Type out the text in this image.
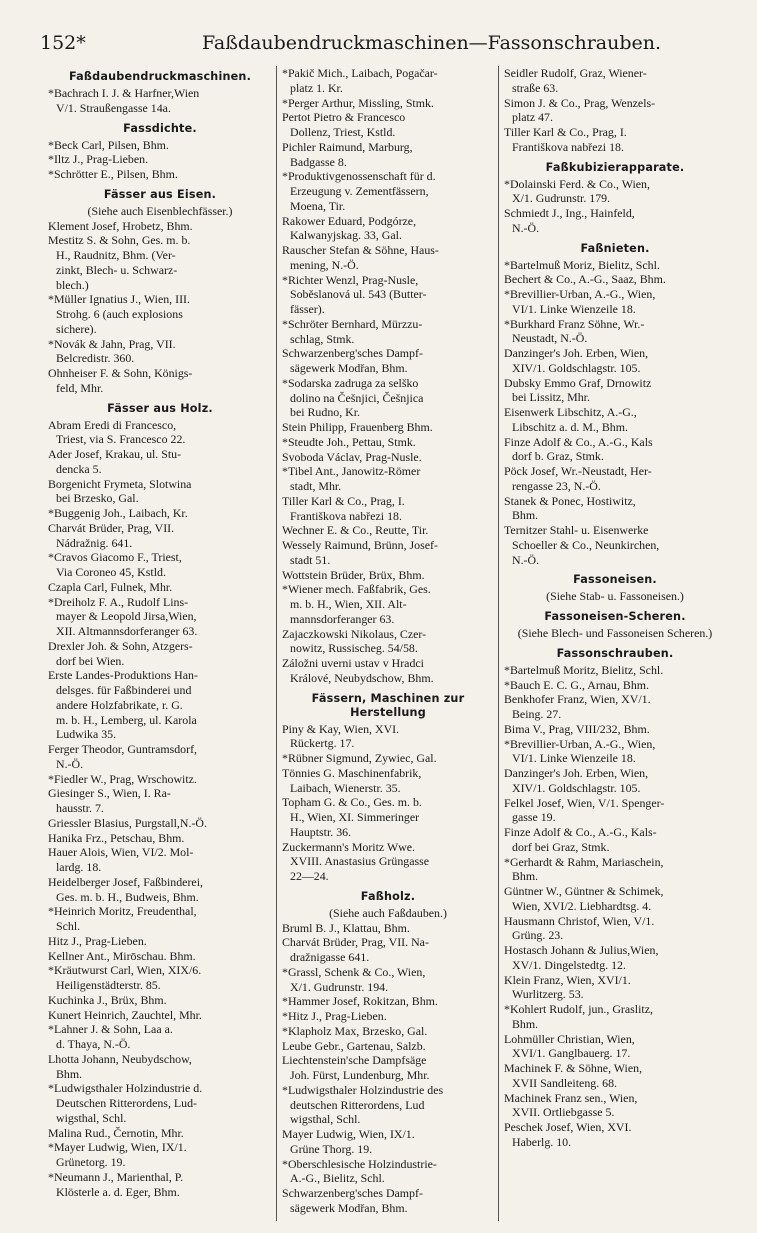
152*	Faßdaubendruckmaschinen—Fassonschrauben.
Faßdaubendruckmaschinen.
*Bachrach I. J. & Harfner,Wien
V/1. Straußengasse 14a.
Fassdichte.
*Beck Carl, Pilsen, Bhm.
*Iltz J., Prag-Lieben.
*Schrötter E., Pilsen, Bhm.
Fässer aus Eisen.
(Siehe auch Eisenblechfässer.)
Klement Josef, Hrobetz, Bhm.
Mestitz S. & Sohn, Ges. m. b.
H., Raudnitz, Bhm. (Ver-
zinkt, Blech- u. Schwarz-
blech.)
*Müller Ignatius J., Wien, III.
Strohg. 6 (auch explosions
sichere).
*Novák & Jahn, Prag, VII.
Belcredistr. 360.
Ohnheiser F. & Sohn, Königs-
feld, Mhr.
Fässer aus Holz.
Abram Eredi di Francesco,
Triest, via S. Francesco 22.
Ader Josef, Krakau, ul. Stu-
dencka 5.
Borgenicht Frymeta, Slotwina
bei Brzesko, Gal.
*Buggenig Joh., Laibach, Kr.
Charvát Brüder, Prag, VII.
Nádražnig. 641.
*Cravos Giacomo F., Triest,
Via Coroneo 45, Kstld.
Czapla Carl, Fulnek, Mhr.
*Dreiholz F. A., Rudolf Lins-
mayer & Leopold Jirsa,Wien,
XII. Altmannsdorferanger 63.
Drexler Joh. & Sohn, Atzgers-
dorf bei Wien.
Erste Landes-Produktions Han-
delsges. für Faßbinderei und
andere Holzfabrikate, r. G.
m. b. H., Lemberg, ul. Karola
Ludwika 35.
Ferger Theodor, Guntramsdorf,
N.-Ö.
*Fiedler W., Prag, Wrschowitz.
Giesinger S., Wien, I. Ra-
hausstr. 7.
Griessler Blasius, Purgstall,N.-Ö.
Hanika Frz., Petschau, Bhm.
Hauer Alois, Wien, VI/2. Mol-
lardg. 18.
Heidelberger Josef, Faßbinderei,
Ges. m. b. H., Budweis, Bhm.
*Heinrich Moritz, Freudenthal,
Schl.
Hitz J., Prag-Lieben.
Kellner Ant., Mirōschau. Bhm.
*Kräutwurst Carl, Wien, XIX/6.
Heiligenstädterstr. 85.
Kuchinka J., Brüx, Bhm.
Kunert Heinrich, Zauchtel, Mhr.
*Lahner J. & Sohn, Laa a.
d. Thaya, N.-Ö.
Lhotta Johann, Neubydschow,
Bhm.
*Ludwigsthaler Holzindustrie d.
Deutschen Ritterordens, Lud-
wigsthal, Schl.
Malina Rud., Černotin, Mhr.
*Mayer Ludwig, Wien, IX/1.
Grünetorg. 19.
*Neumann J., Marienthal, P.
Klösterle a. d. Eger, Bhm.
*Pakič Mich., Laibach, Pogačar-
platz 1. Kr.
*Perger Arthur, Missling, Stmk.
Pertot Pietro & Francesco
Dollenz, Triest, Kstld.
Pichler Raimund, Marburg,
Badgasse 8.
*Produktivgenossenschaft für d.
Erzeugung v. Zementfässern,
Moena, Tir.
Rakower Eduard, Podgórze,
Kalwanyjskag. 33, Gal.
Rauscher Stefan & Söhne, Haus-
mening, N.-Ö.
*Richter Wenzl, Prag-Nusle,
Soběslanová ul. 543 (Butter-
fässer).
*Schröter Bernhard, Mürzzu-
schlag, Stmk.
Schwarzenberg'sches Dampf-
sägewerk Modřan, Bhm.
*Sodarska zadruga za selško
dolino na Češnjici, Češnjica
bei Rudno, Kr.
Stein Philipp, Frauenberg Bhm.
*Steudte Joh., Pettau, Stmk.
Svoboda Václav, Prag-Nusle.
*Tibel Ant., Janowitz-Römer
stadt, Mhr.
Tiller Karl & Co., Prag, I.
Františkova nabřezi 18.
Wechner E. & Co., Reutte, Tir.
Wessely Raimund, Brünn, Josef-
stadt 51.
Wottstein Brüder, Brüx, Bhm.
*Wiener mech. Faßfabrik, Ges.
m. b. H., Wien, XII. Alt-
mannsdorferanger 63.
Zajaczkowski Nikolaus, Czer-
nowitz, Russischeg. 54/58.
Záložni uverni ustav v Hradci
Králové, Neubydschow, Bhm.
Fässern, Maschinen zur Herstellung
Piny & Kay, Wien, XVI.
Rückertg. 17.
*Rübner Sigmund, Zywiec, Gal.
Tönnies G. Maschinenfabrik,
Laibach, Wienerstr. 35.
Topham G. & Co., Ges. m. b.
H., Wien, XI. Simmeringer
Hauptstr. 36.
Zuckermann's Moritz Wwe.
XVIII. Anastasius Grüngasse
22—24.
Faßholz.
(Siehe auch Faßdauben.)
Bruml B. J., Klattau, Bhm.
Charvát Brüder, Prag, VII. Na-
dražnigasse 641.
*Grassl, Schenk & Co., Wien,
X/1. Gudrunstr. 194.
*Hammer Josef, Rokitzan, Bhm.
*Hitz J., Prag-Lieben.
*Klapholz Max, Brzesko, Gal.
Leube Gebr., Gartenau, Salzb.
Liechtenstein'sche Dampfsäge
Joh. Fürst, Lundenburg, Mhr.
*Ludwigsthaler Holzindustrie des
deutschen Ritterordens, Lud
wigsthal, Schl.
Mayer Ludwig, Wien, IX/1.
Grüne Thorg. 19.
*Oberschlesische Holzindustrie-
A.-G., Bielitz, Schl.
Schwarzenberg'sches Dampf-
sägewerk Modřan, Bhm.
Seidler Rudolf, Graz, Wiener-
straße 63.
Simon J. & Co., Prag, Wenzels-
platz 47.
Tiller Karl & Co., Prag, I.
Františkova nabřezi 18.
Faßkubizierapparate.
*Dolainski Ferd. & Co., Wien,
X/1. Gudrunstr. 179.
Schmiedt J., Ing., Hainfeld,
N.-Ö.
Faßnieten.
*Bartelmuß Moriz, Bielitz, Schl.
Bechert & Co., A.-G., Saaz, Bhm.
*Brevillier-Urban, A.-G., Wien,
VI/1. Linke Wienzeile 18.
*Burkhard Franz Söhne, Wr.-
Neustadt, N.-Ö.
Danzinger's Joh. Erben, Wien,
XIV/1. Goldschlagstr. 105.
Dubsky Emmo Graf, Drnowitz
bei Lissitz, Mhr.
Eisenwerk Libschitz, A.-G.,
Libschitz a. d. M., Bhm.
Finze Adolf & Co., A.-G., Kals
dorf b. Graz, Stmk.
Pöck Josef, Wr.-Neustadt, Her-
rengasse 23, N.-Ö.
Stanek & Ponec, Hostiwitz,
Bhm.
Ternitzer Stahl- u. Eisenwerke
Schoeller & Co., Neunkirchen,
N.-Ö.
Fassoneisen.
(Siehe Stab- u. Fassoneisen.)
Fassoneisen-Scheren.
(Siehe Blech- und Fassoneisen Scheren.)
Fassonschrauben.
*Bartelmuß Moritz, Bielitz, Schl.
*Bauch E. C. G., Arnau, Bhm.
Benkhofer Franz, Wien, XV/1.
Being. 27.
Bima V., Prag, VIII/232, Bhm.
*Brevillier-Urban, A.-G., Wien,
VI/1. Linke Wienzeile 18.
Danzinger's Joh. Erben, Wien,
XIV/1. Goldschlagstr. 105.
Felkel Josef, Wien, V/1. Spenger-
gasse 19.
Finze Adolf & Co., A.-G., Kals-
dorf bei Graz, Stmk.
*Gerhardt & Rahm, Mariaschein,
Bhm.
Güntner W., Güntner & Schimek,
Wien, XVI/2. Liebhardtsg. 4.
Hausmann Christof, Wien, V/1.
Grüng. 23.
Hostasch Johann & Julius,Wien,
XV/1. Dingelstedtg. 12.
Klein Franz, Wien, XVI/1.
Wurlitzerg. 53.
*Kohlert Rudolf, jun., Graslitz,
Bhm.
Lohmüller Christian, Wien,
XVI/1. Ganglbauerg. 17.
Machinek F. & Söhne, Wien,
XVII Sandleiteng. 68.
Machinek Franz sen., Wien,
XVII. Ortliebgasse 5.
Peschek Josef, Wien, XVI.
Haberlg. 10.
